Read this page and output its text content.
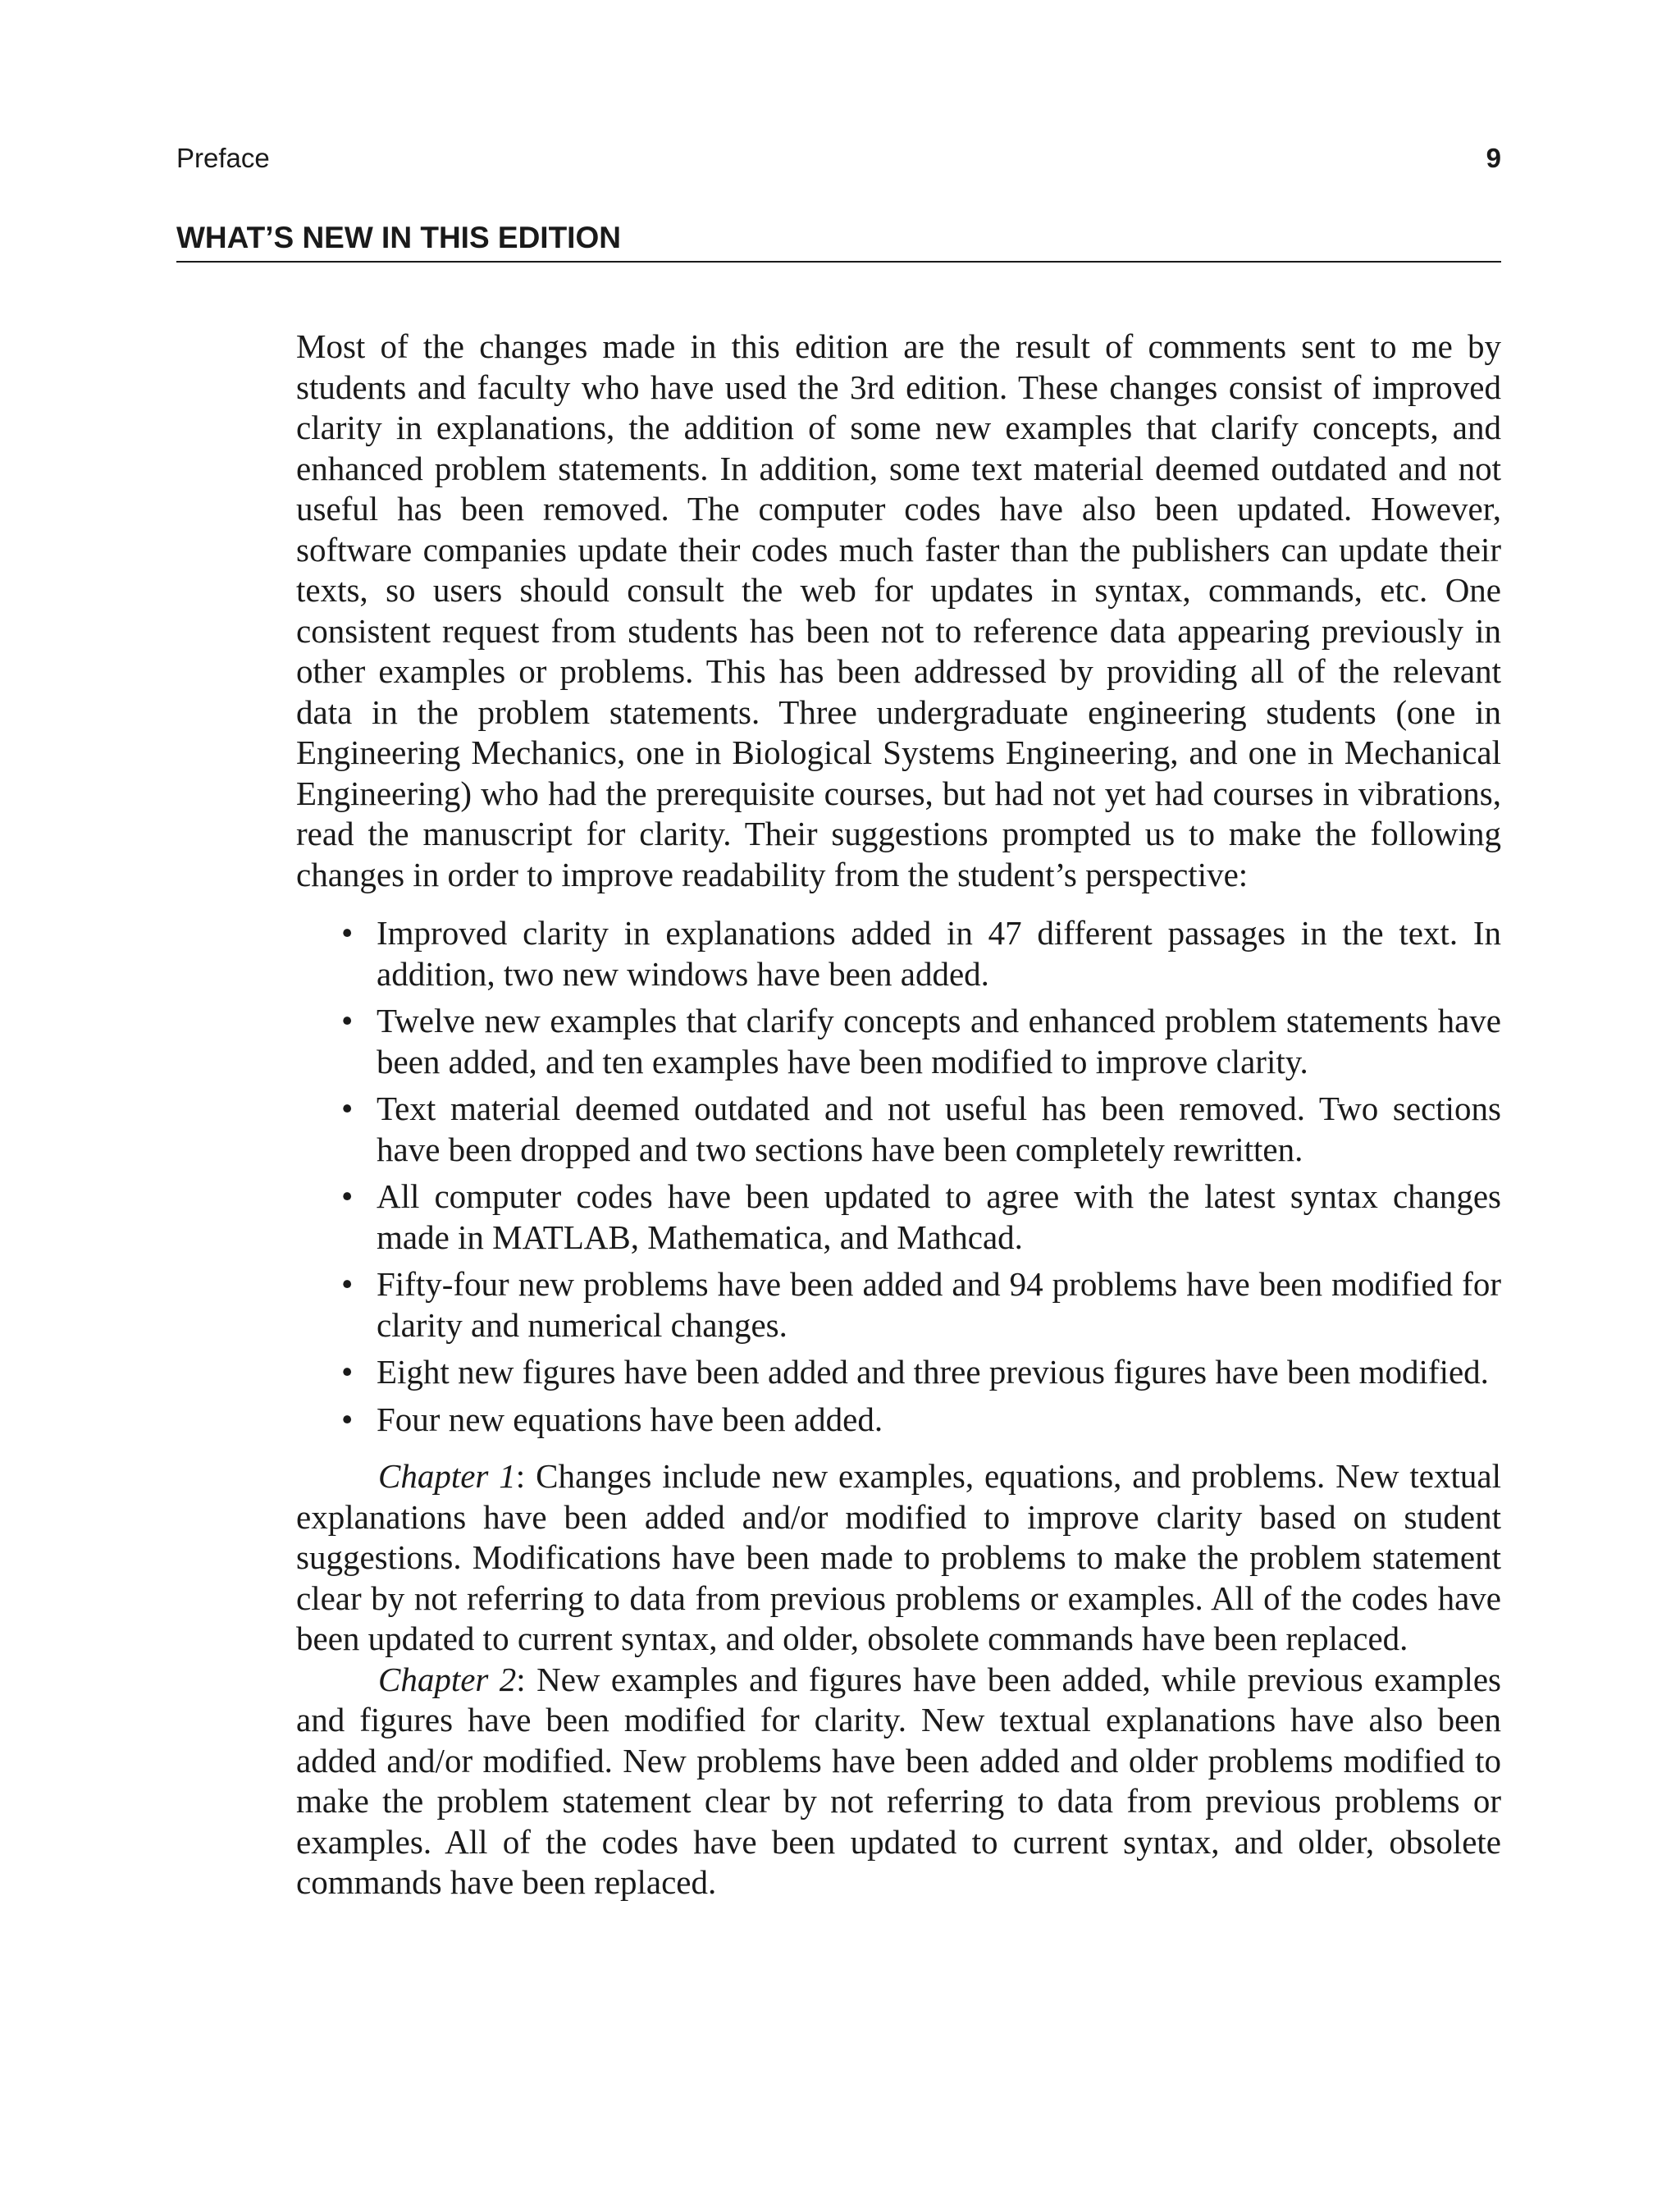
Preface	9
WHAT’S NEW IN THIS EDITION

Most of the changes made in this edition are the result of comments sent to me by students and faculty who have used the 3rd edition. These changes consist of improved clarity in explanations, the addition of some new examples that clarify concepts, and enhanced problem statements. In addition, some text material deemed outdated and not useful has been removed. The computer codes have also been updated. However, software companies update their codes much faster than the publishers can update their texts, so users should consult the web for updates in syntax, commands, etc. One consistent request from students has been not to reference data appearing previously in other examples or problems. This has been addressed by providing all of the relevant data in the problem statements. Three undergraduate engineering students (one in Engineering Mechanics, one in Biological Systems Engineering, and one in Mechanical Engineering) who had the prerequisite courses, but had not yet had courses in vibrations, read the manuscript for clarity. Their suggestions prompted us to make the following changes in order to improve readability from the student’s perspective:

• Improved clarity in explanations added in 47 different passages in the text. In addition, two new windows have been added.
• Twelve new examples that clarify concepts and enhanced problem statements have been added, and ten examples have been modified to improve clarity.
• Text material deemed outdated and not useful has been removed. Two sections have been dropped and two sections have been completely rewritten.
• All computer codes have been updated to agree with the latest syntax changes made in MATLAB, Mathematica, and Mathcad.
• Fifty-four new problems have been added and 94 problems have been modified for clarity and numerical changes.
• Eight new figures have been added and three previous figures have been modified.
• Four new equations have been added.

Chapter 1: Changes include new examples, equations, and problems. New textual explanations have been added and/or modified to improve clarity based on student suggestions. Modifications have been made to problems to make the problem statement clear by not referring to data from previous problems or examples. All of the codes have been updated to current syntax, and older, obsolete commands have been replaced.

Chapter 2: New examples and figures have been added, while previous examples and figures have been modified for clarity. New textual explanations have also been added and/or modified. New problems have been added and older problems modified to make the problem statement clear by not referring to data from previous problems or examples. All of the codes have been updated to current syntax, and older, obsolete commands have been replaced.
